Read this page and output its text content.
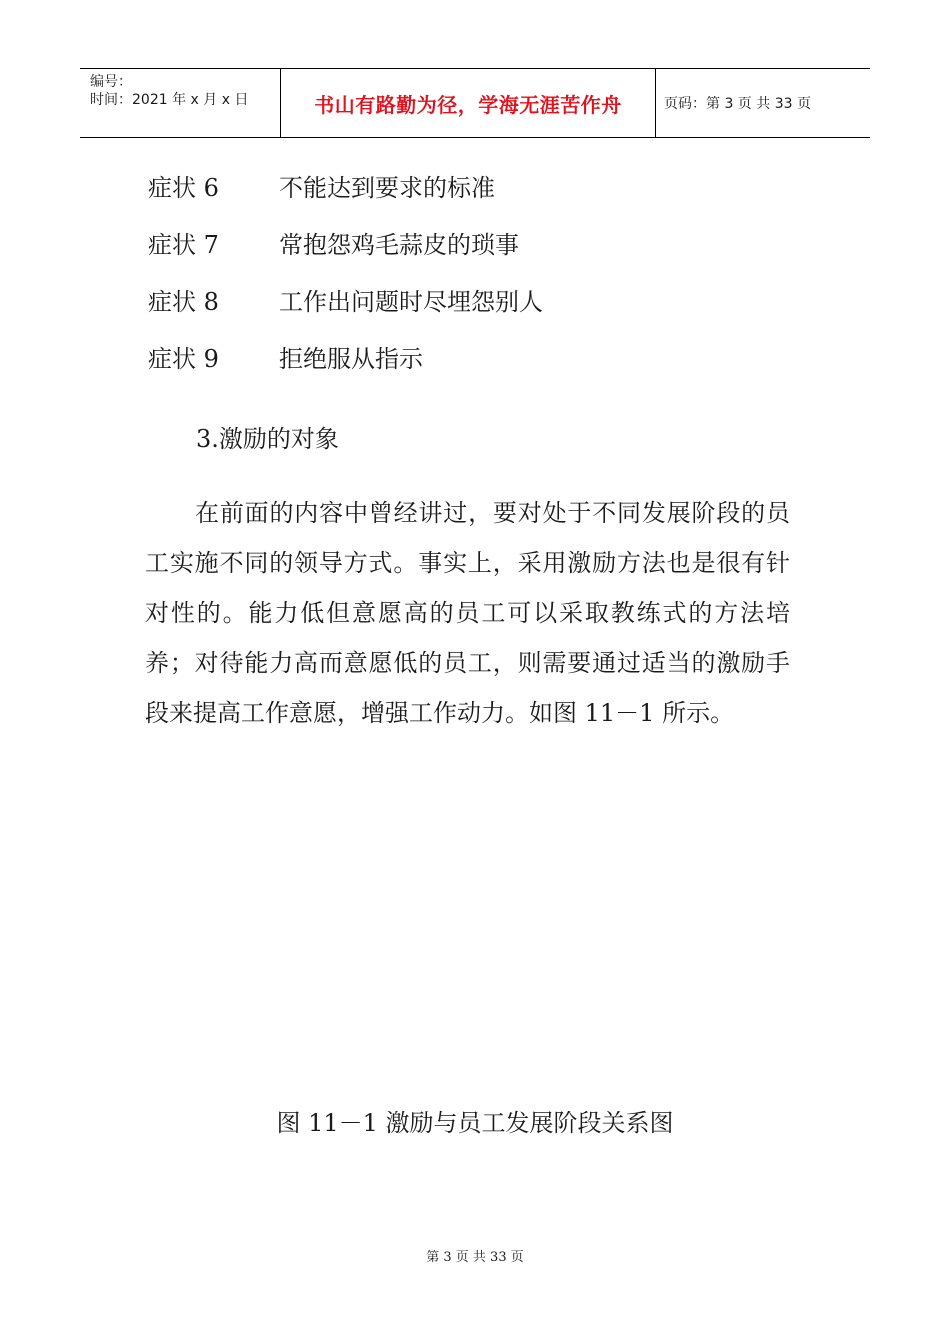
编号：
时间：2021 年 x 月 x 日	书山有路勤为径，学海无涯苦作舟	页码：第 3 页 共 33 页
症状 6	不能达到要求的标准
症状 7	常抱怨鸡毛蒜皮的琐事
症状 8	工作出问题时尽埋怨别人
症状 9	拒绝服从指示
3.激励的对象
在前面的内容中曾经讲过，要对处于不同发展阶段的员工实施不同的领导方式。事实上，采用激励方法也是很有针对性的。能力低但意愿高的员工可以采取教练式的方法培养；对待能力高而意愿低的员工，则需要通过适当的激励手段来提高工作意愿，增强工作动力。如图 11－1 所示。
图 11－1 激励与员工发展阶段关系图
第 3 页 共 33 页
